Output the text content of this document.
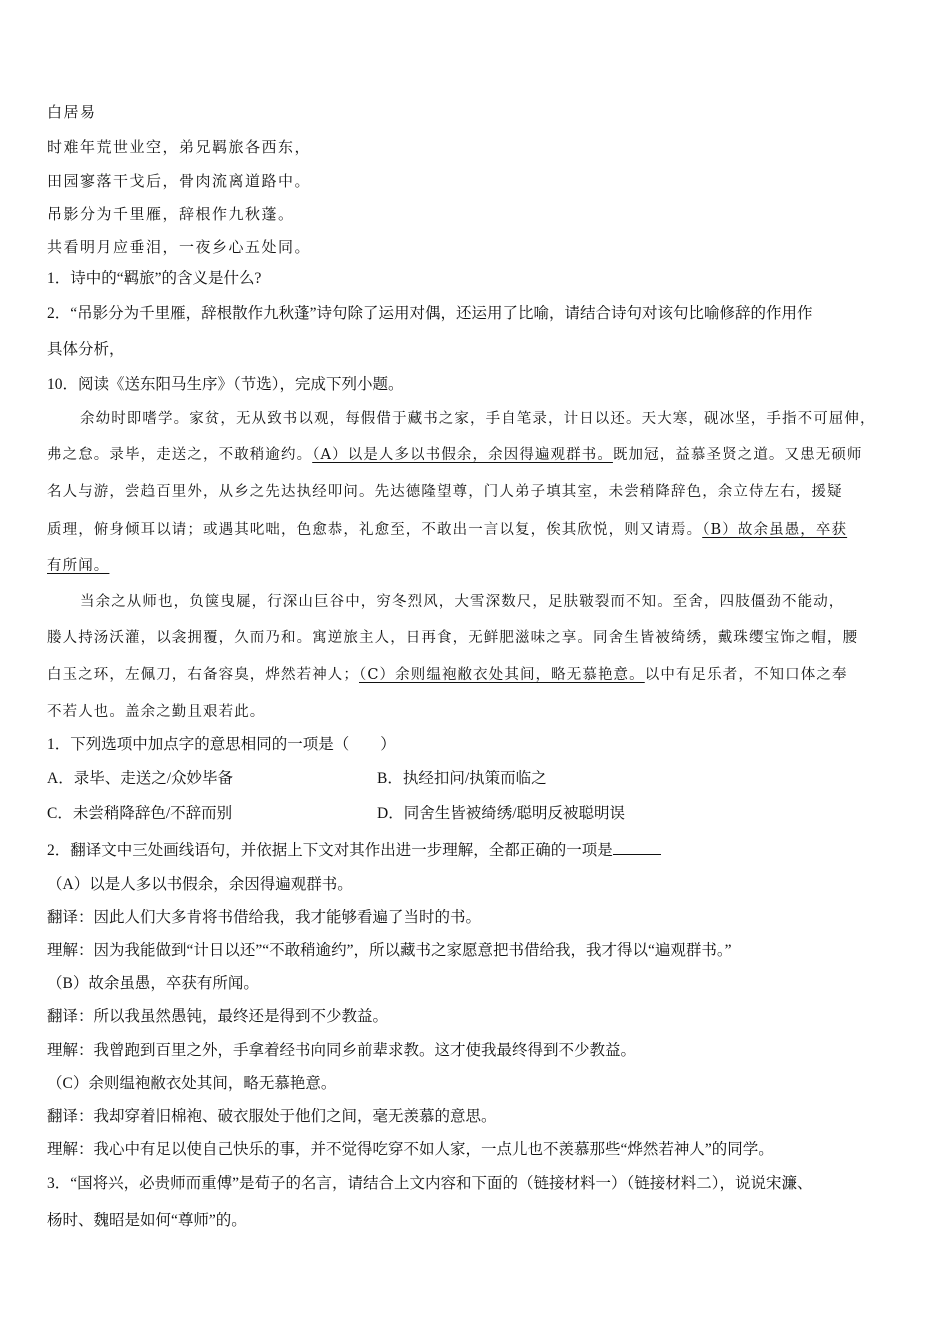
白居易
时难年荒世业空，弟兄羁旅各西东，
田园寥落干戈后，骨肉流离道路中。
吊影分为千里雁，辞根作九秋蓬。
共看明月应垂泪，一夜乡心五处同。
1．诗中的“羁旅”的含义是什么?
2．“吊影分为千里雁，辞根散作九秋蓬”诗句除了运用对偶，还运用了比喻，请结合诗句对该句比喻修辞的作用作
具体分析，
10．阅读《送东阳马生序》（节选），完成下列小题。
余幼时即嗜学。家贫，无从致书以观，每假借于藏书之家，手自笔录，计日以还。天大寒，砚冰坚，手指不可屈伸，
弗之怠。录毕，走送之，不敢稍逾约。（A）以是人多以书假余，余因得遍观群书。既加冠，益慕圣贤之道。又患无硕师
名人与游，尝趋百里外，从乡之先达执经叩问。先达德隆望尊，门人弟子填其室，未尝稍降辞色，余立侍左右，援疑
质理，俯身倾耳以请；或遇其叱咄，色愈恭，礼愈至，不敢出一言以复，俟其欣悦，则又请焉。（B）故余虽愚，卒获
有所闻。
当余之从师也，负箧曳屣，行深山巨谷中，穷冬烈风，大雪深数尺，足肤皲裂而不知。至舍，四肢僵劲不能动，
媵人持汤沃灌，以衾拥覆，久而乃和。寓逆旅主人，日再食，无鲜肥滋味之享。同舍生皆被绮绣，戴珠缨宝饰之帽，腰
白玉之环，左佩刀，右备容臭，烨然若神人；（C）余则缊袍敝衣处其间，略无慕艳意。以中有足乐者，不知口体之奉
不若人也。盖余之勤且艰若此。
1．下列选项中加点字的意思相同的一项是（　　）
A．录毕、走送之/众妙毕备	B．执经扣问/执策而临之
C．未尝稍降辞色/不辞而别	D．同舍生皆被绮绣/聪明反被聪明误
2．翻译文中三处画线语句，并依据上下文对其作出进一步理解，全都正确的一项是
（A）以是人多以书假余，余因得遍观群书。
翻译：因此人们大多肯将书借给我，我才能够看遍了当时的书。
理解：因为我能做到“计日以还”“不敢稍逾约”，所以藏书之家愿意把书借给我，我才得以“遍观群书。”
（B）故余虽愚，卒获有所闻。
翻译：所以我虽然愚钝，最终还是得到不少教益。
理解：我曾跑到百里之外，手拿着经书向同乡前辈求教。这才使我最终得到不少教益。
（C）余则缊袍敝衣处其间，略无慕艳意。
翻译：我却穿着旧棉袍、破衣服处于他们之间，毫无羡慕的意思。
理解：我心中有足以使自己快乐的事，并不觉得吃穿不如人家，一点儿也不羡慕那些“烨然若神人”的同学。
3．“国将兴，必贵师而重傅”是荀子的名言，请结合上文内容和下面的（链接材料一）（链接材料二），说说宋濂、
杨时、魏昭是如何“尊师”的。
